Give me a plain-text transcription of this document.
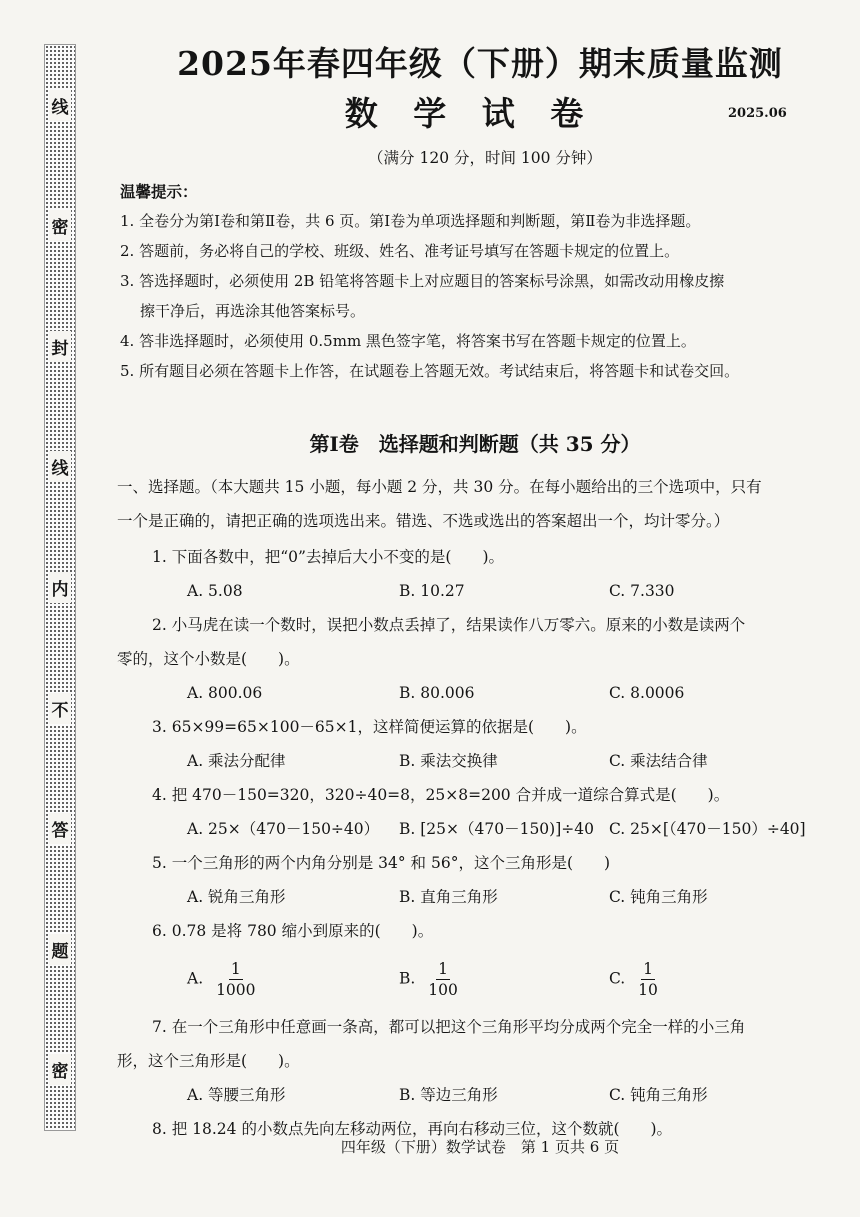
线
密
封
线
内
不
答
题
密
2025年春四年级（下册）期末质量监测
数 学 试 卷	2025.06
（满分 120 分，时间 100 分钟）
温馨提示：
1. 全卷分为第Ⅰ卷和第Ⅱ卷，共 6 页。第Ⅰ卷为单项选择题和判断题，第Ⅱ卷为非选择题。
2. 答题前，务必将自己的学校、班级、姓名、准考证号填写在答题卡规定的位置上。
3. 答选择题时，必须使用 2B 铅笔将答题卡上对应题目的答案标号涂黑，如需改动用橡皮擦
擦干净后，再选涂其他答案标号。
4. 答非选择题时，必须使用 0.5mm 黑色签字笔，将答案书写在答题卡规定的位置上。
5. 所有题目必须在答题卡上作答，在试题卷上答题无效。考试结束后，将答题卡和试卷交回。
第Ⅰ卷　选择题和判断题（共 35 分）
一、选择题。（本大题共 15 小题，每小题 2 分，共 30 分。在每小题给出的三个选项中，只有
一个是正确的，请把正确的选项选出来。错选、不选或选出的答案超出一个，均计零分。）
1. 下面各数中，把“0”去掉后大小不变的是(　　)。
A. 5.08	B. 10.27	C. 7.330
2. 小马虎在读一个数时，误把小数点丢掉了，结果读作八万零六。原来的小数是读两个
零的，这个小数是(　　)。
A. 800.06	B. 80.006	C. 8.0006
3. 65×99=65×100－65×1，这样简便运算的依据是(　　)。
A. 乘法分配律	B. 乘法交换律	C. 乘法结合律
4. 把 470－150=320，320÷40=8，25×8=200 合并成一道综合算式是(　　)。
A. 25×（470－150÷40）	B. [25×（470－150)]÷40 C. 25×[（470－150）÷40]
5. 一个三角形的两个内角分别是 34° 和 56°，这个三角形是(　　)
A. 锐角三角形	B. 直角三角形	C. 钝角三角形
6. 0.78 是将 780 缩小到原来的(　　)。
A. $\frac{1}{1000}$	B. $\frac{1}{100}$	C. $\frac{1}{10}$
7. 在一个三角形中任意画一条高，都可以把这个三角形平均分成两个完全一样的小三角
形，这个三角形是(　　)。
A. 等腰三角形	B. 等边三角形	C. 钝角三角形
8. 把 18.24 的小数点先向左移动两位，再向右移动三位，这个数就(　　)。
四年级（下册）数学试卷　第 1 页共 6 页
